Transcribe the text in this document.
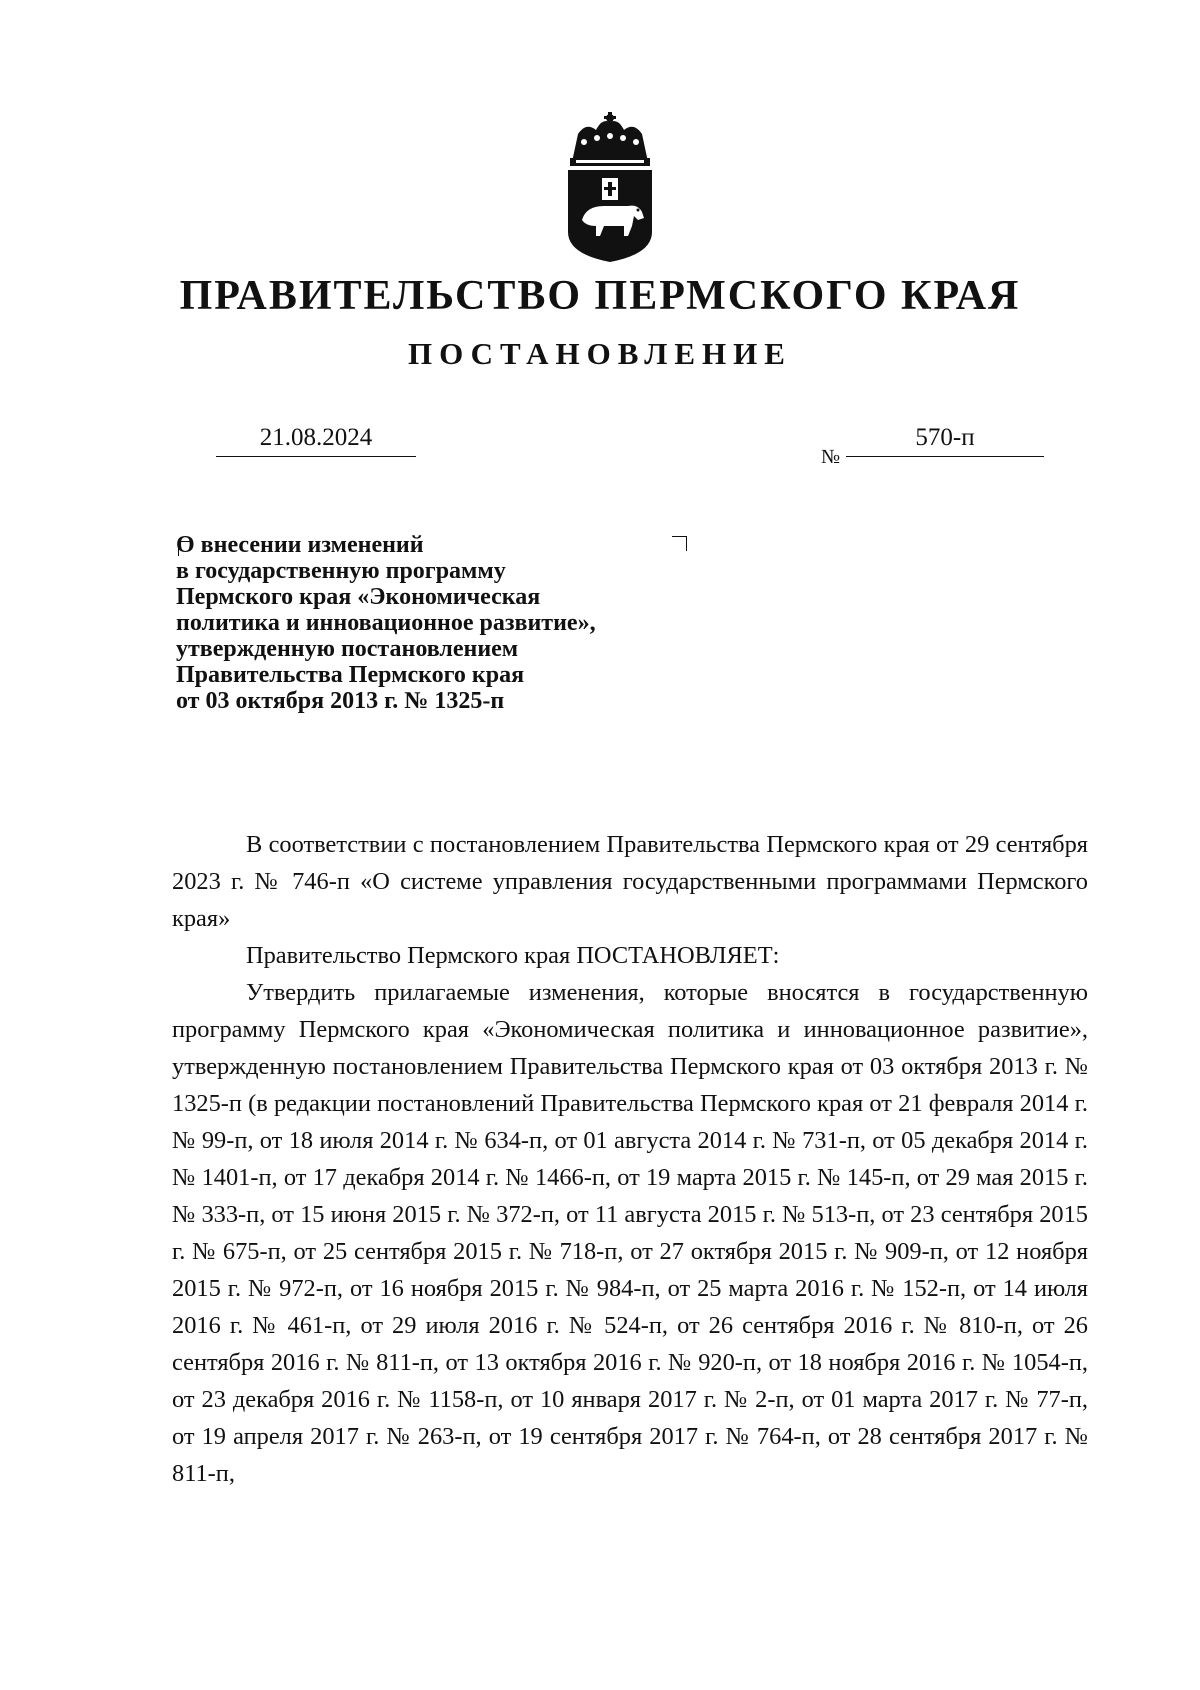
ПРАВИТЕЛЬСТВО ПЕРМСКОГО КРАЯ
ПОСТАНОВЛЕНИЕ
21.08.2024
№
570-п
О внесении изменений
в государственную программу
Пермского края «Экономическая
политика и инновационное развитие»,
утвержденную постановлением
Правительства Пермского края
от 03 октября 2013 г. № 1325-п

В соответствии с постановлением Правительства Пермского края от 29 сентября 2023 г. № 746-п «О системе управления государственными программами Пермского края»

Правительство Пермского края ПОСТАНОВЛЯЕТ:

Утвердить прилагаемые изменения, которые вносятся в государственную программу Пермского края «Экономическая политика и инновационное развитие», утвержденную постановлением Правительства Пермского края от 03 октября 2013 г. № 1325-п (в редакции постановлений Правительства Пермского края от 21 февраля 2014 г. № 99-п, от 18 июля 2014 г. № 634-п, от 01 августа 2014 г. № 731-п, от 05 декабря 2014 г. № 1401-п, от 17 декабря 2014 г. № 1466-п, от 19 марта 2015 г. № 145-п, от 29 мая 2015 г. № 333-п, от 15 июня 2015 г. № 372-п, от 11 августа 2015 г. № 513-п, от 23 сентября 2015 г. № 675-п, от 25 сентября 2015 г. № 718-п, от 27 октября 2015 г. № 909-п, от 12 ноября 2015 г. № 972-п, от 16 ноября 2015 г. № 984-п, от 25 марта 2016 г. № 152-п, от 14 июля 2016 г. № 461-п, от 29 июля 2016 г. № 524-п, от 26 сентября 2016 г. № 810-п, от 26 сентября 2016 г. № 811-п, от 13 октября 2016 г. № 920-п, от 18 ноября 2016 г. № 1054-п, от 23 декабря 2016 г. № 1158-п, от 10 января 2017 г. № 2-п, от 01 марта 2017 г. № 77-п, от 19 апреля 2017 г. № 263-п, от 19 сентября 2017 г. № 764-п, от 28 сентября 2017 г. № 811-п,
